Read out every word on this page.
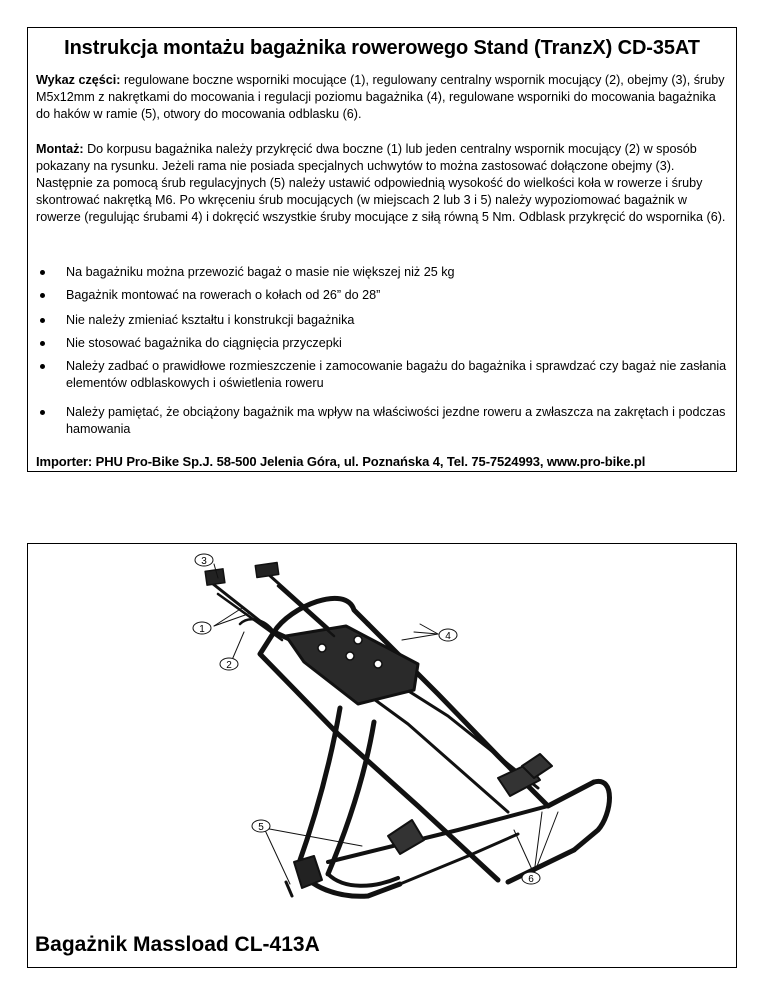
Instrukcja montażu bagażnika rowerowego Stand (TranzX) CD-35AT
Wykaz części: regulowane boczne wsporniki mocujące (1), regulowany centralny wspornik mocujący (2), obejmy (3), śruby M5x12mm z nakrętkami do mocowania i regulacji poziomu bagażnika (4), regulowane wsporniki do mocowania bagażnika do haków w ramie (5), otwory do mocowania odblasku (6).
Montaż: Do korpusu bagażnika należy przykręcić dwa boczne (1) lub jeden centralny wspornik mocujący (2) w sposób pokazany na rysunku. Jeżeli rama nie posiada specjalnych uchwytów to można zastosować dołączone obejmy (3). Następnie za pomocą śrub regulacyjnych (5) należy ustawić odpowiednią wysokość do wielkości koła w rowerze i śruby skontrować nakrętką M6. Po wkręceniu śrub mocujących (w miejscach 2 lub 3 i 5) należy wypoziomować bagażnik w rowerze (regulując śrubami 4) i dokręcić wszystkie śruby mocujące z siłą równą 5 Nm. Odblask przykręcić do wspornika (6).
Na bagażniku można przewozić bagaż o masie nie większej niż 25 kg
Bagażnik montować na rowerach o kołach od 26” do 28”
Nie należy zmieniać kształtu i konstrukcji bagażnika
Nie stosować bagażnika do ciągnięcia przyczepki
Należy zadbać o prawidłowe rozmieszczenie i zamocowanie bagażu do bagażnika i sprawdzać czy bagaż nie zasłania elementów odblaskowych i oświetlenia roweru
Należy pamiętać, że obciążony bagażnik ma wpływ na właściwości jezdne roweru a zwłaszcza na zakrętach i podczas hamowania
Importer: PHU Pro-Bike Sp.J. 58-500 Jelenia Góra, ul. Poznańska 4, Tel. 75-7524993, www.pro-bike.pl
3
1
2
4
5
6
Bagażnik Massload CL-413A
